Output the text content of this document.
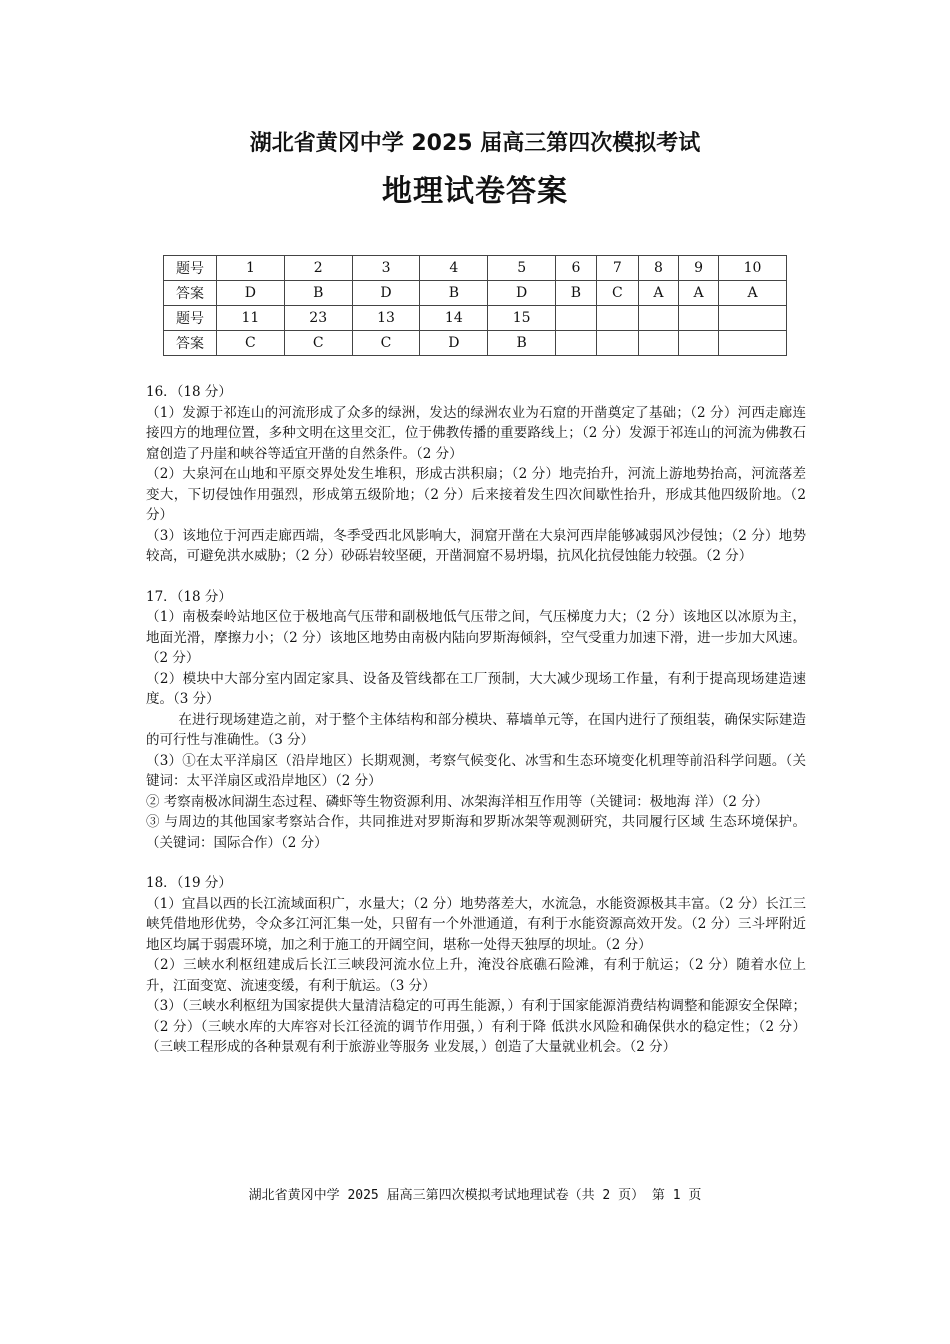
湖北省黄冈中学 2025 届高三第四次模拟考试
地理试卷答案
题号	1	2	3	4	5	6	7	8	9	10
答案	D	B	D	B	D	B	C	A	A	A
题号	11	23	13	14	15					
答案	C	C	C	D	B					

16．（18 分）

（1）发源于祁连山的河流形成了众多的绿洲，发达的绿洲农业为石窟的开凿奠定了基础；（2 分）河西走廊连接四方的地理位置，多种文明在这里交汇，位于佛教传播的重要路线上；（2 分）发源于祁连山的河流为佛教石窟创造了丹崖和峡谷等适宜开凿的自然条件。（2 分）

（2）大泉河在山地和平原交界处发生堆积，形成古洪积扇；（2 分）地壳抬升，河流上游地势抬高，河流落差变大，下切侵蚀作用强烈，形成第五级阶地；（2 分）后来接着发生四次间歇性抬升，形成其他四级阶地。（2 分）

（3）该地位于河西走廊西端，冬季受西北风影响大，洞窟开凿在大泉河西岸能够减弱风沙侵蚀；（2 分）地势较高，可避免洪水威胁；（2 分）砂砾岩较坚硬，开凿洞窟不易坍塌，抗风化抗侵蚀能力较强。（2 分）

17．（18 分）

（1）南极秦岭站地区位于极地高气压带和副极地低气压带之间，气压梯度力大；（2 分）该地区以冰原为主，地面光滑，摩擦力小；（2 分）该地区地势由南极内陆向罗斯海倾斜，空气受重力加速下滑，进一步加大风速。（2 分）

（2）模块中大部分室内固定家具、设备及管线都在工厂预制，大大减少现场工作量，有利于提高现场建造速度。（3 分）

在进行现场建造之前，对于整个主体结构和部分模块、幕墙单元等，在国内进行了预组装，确保实际建造的可行性与准确性。（3 分）

（3）①在太平洋扇区（沿岸地区）长期观测，考察气候变化、冰雪和生态环境变化机理等前沿科学问题。（关键词：太平洋扇区或沿岸地区）（2 分）

② 考察南极冰间湖生态过程、磷虾等生物资源利用、冰架海洋相互作用等（关键词：极地海 洋）（2 分）

③ 与周边的其他国家考察站合作，共同推进对罗斯海和罗斯冰架等观测研究，共同履行区域 生态环境保护。（关键词：国际合作）（2 分）

18．（19 分）

（1）宜昌以西的长江流域面积广，水量大；（2 分）地势落差大，水流急，水能资源极其丰富。（2 分）长江三峡凭借地形优势，令众多江河汇集一处，只留有一个外泄通道，有利于水能资源高效开发。（2 分）三斗坪附近地区均属于弱震环境，加之利于施工的开阔空间，堪称一处得天独厚的坝址。（2 分）

（2）三峡水利枢纽建成后长江三峡段河流水位上升，淹没谷底礁石险滩，有利于航运；（2 分）随着水位上升，江面变宽、流速变缓，有利于航运。（3 分）

（3）（三峡水利枢纽为国家提供大量清洁稳定的可再生能源，）有利于国家能源消费结构调整和能源安全保障；（2 分）（三峡水库的大库容对长江径流的调节作用强，）有利于降 低洪水风险和确保供水的稳定性；（2 分）（三峡工程形成的各种景观有利于旅游业等服务 业发展，）创造了大量就业机会。（2 分）

湖北省黄冈中学 2025 届高三第四次模拟考试地理试卷（共 2 页） 第 1 页
